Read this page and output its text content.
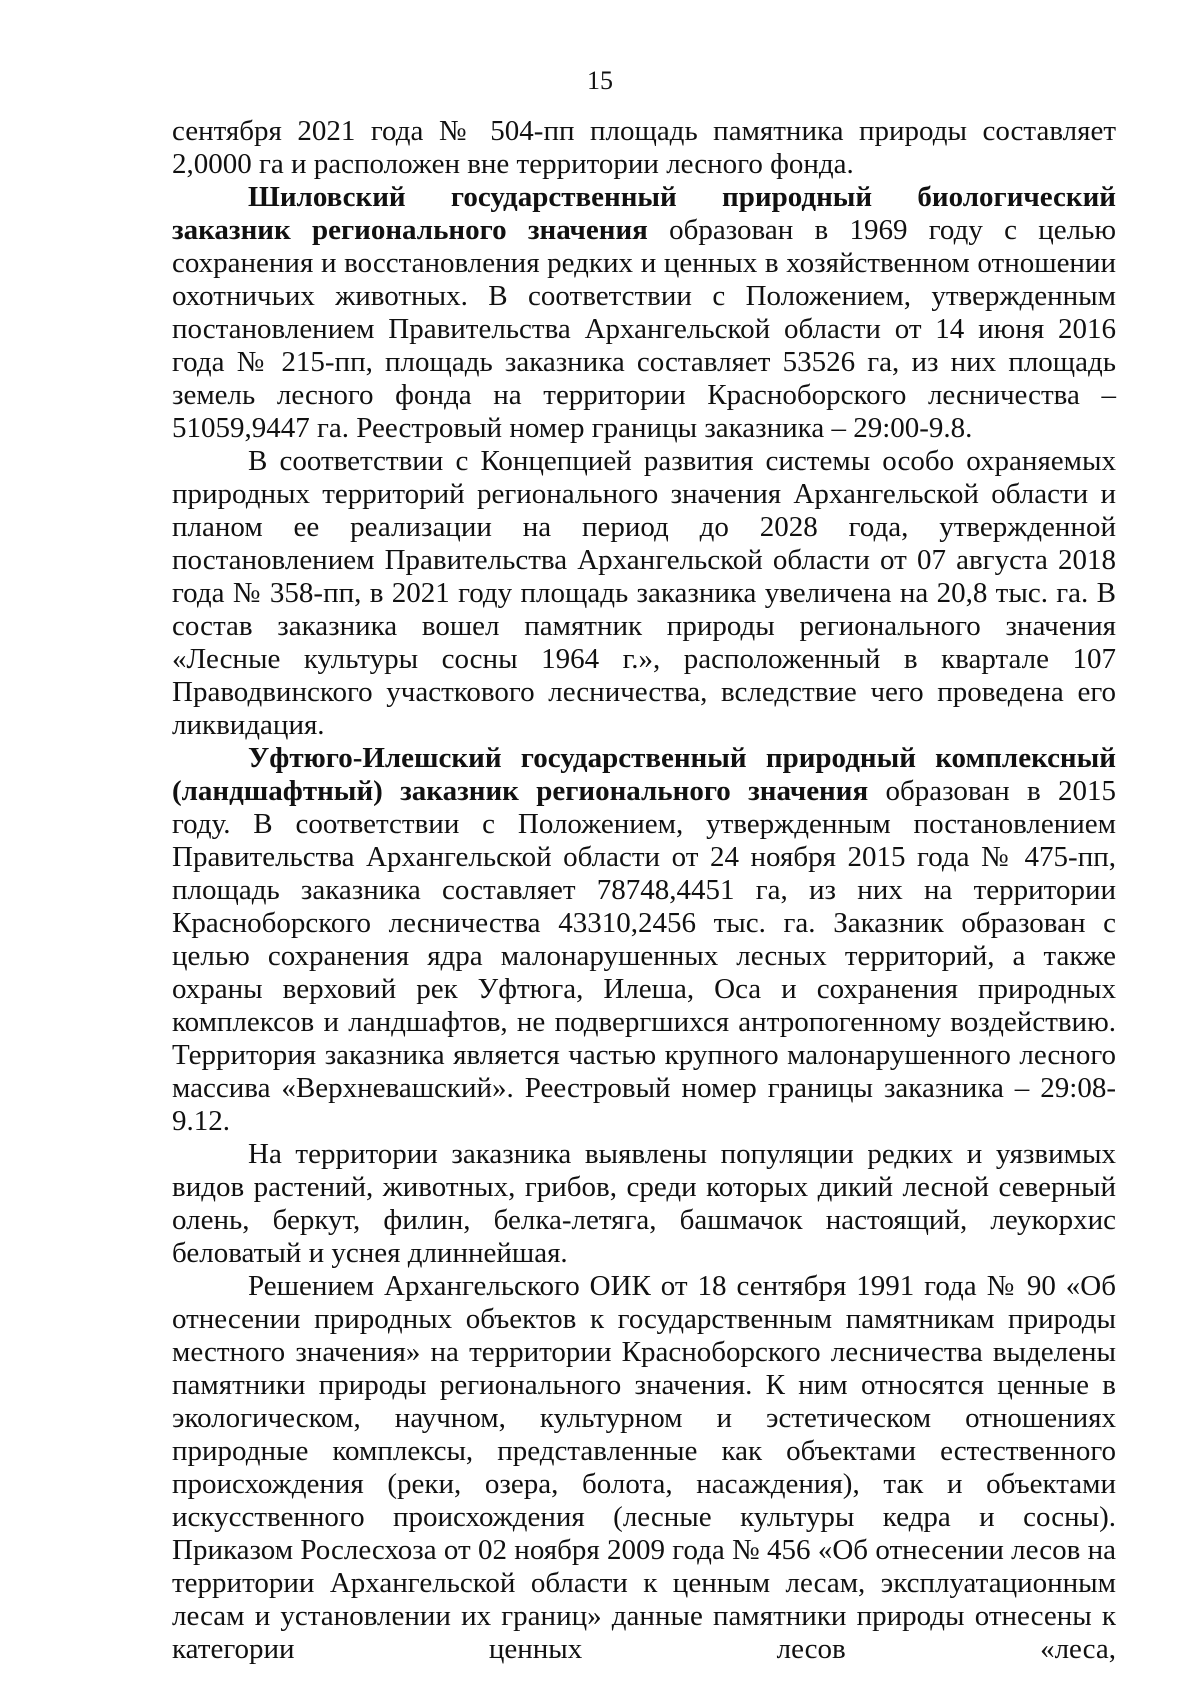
15

сентября 2021 года № 504-пп площадь памятника природы составляет 2,0000 га и расположен вне территории лесного фонда.

Шиловский государственный природный биологический заказник регионального значения образован в 1969 году с целью сохранения и восстановления редких и ценных в хозяйственном отношении охотничьих животных. В соответствии с Положением, утвержденным постановлением Правительства Архангельской области от 14 июня 2016 года № 215-пп, площадь заказника составляет 53526 га, из них площадь земель лесного фонда на территории Красноборского лесничества – 51059,9447 га. Реестровый номер границы заказника – 29:00-9.8.

В соответствии с Концепцией развития системы особо охраняемых природных территорий регионального значения Архангельской области и планом ее реализации на период до 2028 года, утвержденной постановлением Правительства Архангельской области от 07 августа 2018 года № 358-пп, в 2021 году площадь заказника увеличена на 20,8 тыс. га. В состав заказника вошел памятник природы регионального значения «Лесные культуры сосны 1964 г.», расположенный в квартале 107 Праводвинского участкового лесничества, вследствие чего проведена его ликвидация.

Уфтюго-Илешский государственный природный комплексный (ландшафтный) заказник регионального значения образован в 2015 году. В соответствии с Положением, утвержденным постановлением Правительства Архангельской области от 24 ноября 2015 года № 475-пп, площадь заказника составляет 78748,4451 га, из них на территории Красноборского лесничества 43310,2456 тыс. га. Заказник образован с целью сохранения ядра малонарушенных лесных территорий, а также охраны верховий рек Уфтюга, Илеша, Оса и сохранения природных комплексов и ландшафтов, не подвергшихся антропогенному воздействию. Территория заказника является частью крупного малонарушенного лесного массива «Верхневашский». Реестровый номер границы заказника – 29:08-9.12.

На территории заказника выявлены популяции редких и уязвимых видов растений, животных, грибов, среди которых дикий лесной северный олень, беркут, филин, белка-летяга, башмачок настоящий, леукорхис беловатый и уснея длиннейшая.

Решением Архангельского ОИК от 18 сентября 1991 года № 90 «Об отнесении природных объектов к государственным памятникам природы местного значения» на территории Красноборского лесничества выделены памятники природы регионального значения. К ним относятся ценные в экологическом, научном, культурном и эстетическом отношениях природные комплексы, представленные как объектами естественного происхождения (реки, озера, болота, насаждения), так и объектами искусственного происхождения (лесные культуры кедра и сосны). Приказом Рослесхоза от 02 ноября 2009 года № 456 «Об отнесении лесов на территории Архангельской области к ценным лесам, эксплуатационным лесам и установлении их границ» данные памятники природы отнесены к категории ценных лесов «леса,
